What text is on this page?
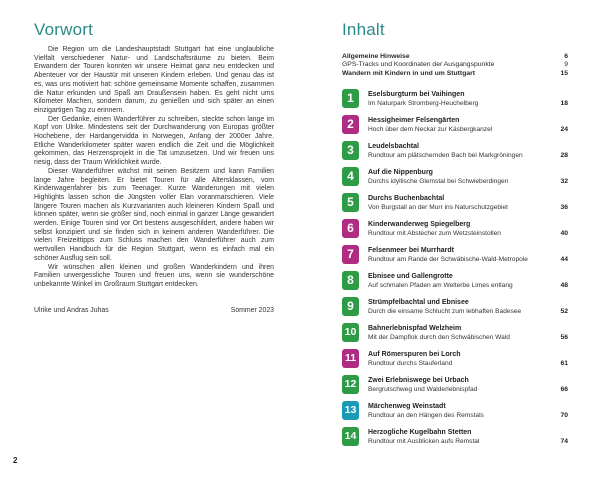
Vorwort

Die Region um die Landeshauptstadt Stuttgart hat eine unglaubliche Vielfalt verschiedener Natur- und Landschaftsräume zu bieten. Beim Erwandern der Touren konnten wir unsere Heimat ganz neu entdecken und Abenteuer vor der Haustür mit unseren Kindern erleben. Und genau das ist es, was uns motiviert hat: schöne gemeinsame Momente schaffen, zusammen die Natur erkunden und Spaß am Draußensein haben. Es geht nicht ums Kilometer Machen, sondern darum, zu genießen und sich später an einen einzigartigen Tag zu erinnern.

Der Gedanke, einen Wanderführer zu schreiben, steckte schon lange im Kopf von Ulrike. Mindestens seit der Durchwanderung von Europas größter Hochebene, der Hardangervidda in Norwegen, Anfang der 2000er Jahre. Etliche Wanderkilometer später waren endlich die Zeit und die Möglichkeit gekommen, das Herzensprojekt in die Tat umzusetzen. Und wir freuen uns riesig, dass der Traum Wirklichkeit wurde.

Dieser Wanderführer wächst mit seinen Besitzern und kann Familien lange Jahre begleiten. Er bietet Touren für alle Altersklassen, vom Kinderwagenfahrer bis zum Teenager. Kurze Wanderungen mit vielen Highlights lassen schon die Jüngsten voller Elan voranmarschieren. Viele längere Touren machen als Kurzvarianten auch kleineren Kindern Spaß und können später, wenn sie größer sind, noch einmal in ganzer Länge gewandert werden. Einige Touren sind vor Ort bestens ausgeschildert, andere haben wir selbst konzipiert und sie finden sich in keinem anderen Wanderführer. Die vielen Freizeittipps zum Schluss machen den Wanderführer auch zum wertvollen Handbuch für die Region Stuttgart, wenn es einfach mal ein schöner Ausflug sein soll.

Wir wünschen allen kleinen und großen Wanderkindern und ihren Familien unvergessliche Touren und freuen uns, wenn sie wunderschöne unbekannte Winkel im Großraum Stuttgart entdecken.

Ulrike und Andras Juhas	Sommer 2023
2
Inhalt
Allgemeine Hinweise	6
GPS-Tracks und Koordinaten der Ausgangspunkte	9
Wandern mit Kindern in und um Stuttgart	15
1	Eselsburgturm bei Vaihingen
Im Naturpark Stromberg-Heuchelberg	18
2	Hessigheimer Felsengärten
Hoch über dem Neckar zur Käsbergkanzel	24
3	Leudelsbachtal
Rundtour am plätschernden Bach bei Markgröningen	28
4	Auf die Nippenburg
Durchs idyllische Glemstal bei Schwieberdingen	32
5	Durchs Buchenbachtal
Von Burgstall an der Murr ins Naturschutzgebiet	36
6	Kinderwanderweg Spiegelberg
Rundtour mit Abstecher zum Wetzsteinstollen	40
7	Felsenmeer bei Murrhardt
Rundtour am Rande der Schwäbische-Wald-Metropole	44
8	Ebnisee und Gallengrotte
Auf schmalen Pfaden am Welterbe Limes entlang	48
9	Strümpfelbachtal und Ebnisee
Durch die einsame Schlucht zum lebhaften Badesee	52
10	Bahnerlebnispfad Welzheim
Mit der Dampflok durch den Schwäbischen Wald	56
11	Auf Römerspuren bei Lorch
Rundtour durchs Stauferland	61
12	Zwei Erlebniswege bei Urbach
Bergrutschweg und Walderlebnispfad	66
13	Märchenweg Weinstadt
Rundtour an den Hängen des Remstals	70
14	Herzogliche Kugelbahn Stetten
Rundtour mit Ausblicken aufs Remstal	74
